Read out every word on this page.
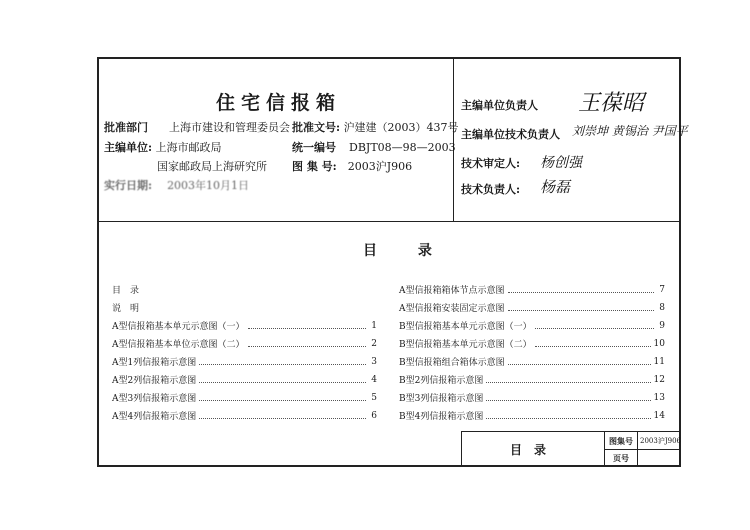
住宅信报箱
批准部门 上海市建设和管理委员会 批准文号: 沪建建（2003）437号
主编单位: 上海市邮政局	统一编号 DBJT08—98—2003
国家邮政局上海研究所 图 集 号: 2003沪J906
实行日期: 2003年10月1日
主编单位负责人 王葆昭
主编单位技术负责人 刘崇坤 黄锡治 尹国平
技术审定人: 杨创强
技术负责人: 杨磊
目 录
目　录
说　明
A型信报箱基本单元示意图（一）	1
A型信报箱基本单位示意图（二）	2
A型1列信报箱示意图	3
A型2列信报箱示意图	4
A型3列信报箱示意图	5
A型4列信报箱示意图	6
A型信报箱箱体节点示意图	7
A型信报箱安装固定示意图	8
B型信报箱基本单元示意图（一）	9
B型信报箱基本单元示意图（二）	10
B型信报箱组合箱体示意图	11
B型2列信报箱示意图	12
B型3列信报箱示意图	13
B型4列信报箱示意图	14
目　录
图集号 2003沪J906
页号
